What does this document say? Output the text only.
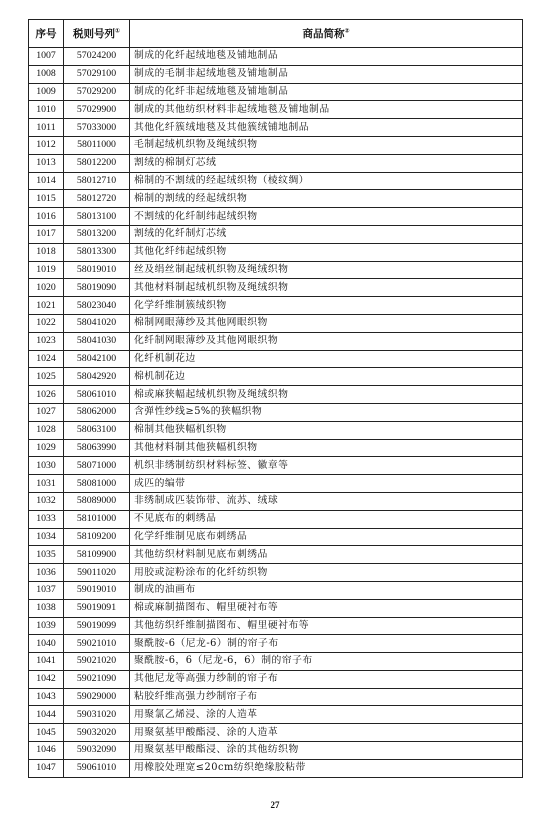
序号	税则号列①	商品简称②
1007	57024200	制成的化纤起绒地毯及铺地制品
1008	57029100	制成的毛制非起绒地毯及铺地制品
1009	57029200	制成的化纤非起绒地毯及铺地制品
1010	57029900	制成的其他纺织材料非起绒地毯及铺地制品
1011	57033000	其他化纤簇绒地毯及其他簇绒铺地制品
1012	58011000	毛制起绒机织物及绳绒织物
1013	58012200	割绒的棉制灯芯绒
1014	58012710	棉制的不割绒的经起绒织物（棱纹绸）
1015	58012720	棉制的割绒的经起绒织物
1016	58013100	不割绒的化纤制纬起绒织物
1017	58013200	割绒的化纤制灯芯绒
1018	58013300	其他化纤纬起绒织物
1019	58019010	丝及绢丝制起绒机织物及绳绒织物
1020	58019090	其他材料制起绒机织物及绳绒织物
1021	58023040	化学纤维制簇绒织物
1022	58041020	棉制网眼薄纱及其他网眼织物
1023	58041030	化纤制网眼薄纱及其他网眼织物
1024	58042100	化纤机制花边
1025	58042920	棉机制花边
1026	58061010	棉或麻狭幅起绒机织物及绳绒织物
1027	58062000	含弹性纱线≥5%的狭幅织物
1028	58063100	棉制其他狭幅机织物
1029	58063990	其他材料制其他狭幅机织物
1030	58071000	机织非绣制纺织材料标签、徽章等
1031	58081000	成匹的编带
1032	58089000	非绣制成匹装饰带、流苏、绒球
1033	58101000	不见底布的刺绣品
1034	58109200	化学纤维制见底布刺绣品
1035	58109900	其他纺织材料制见底布刺绣品
1036	59011020	用胶或淀粉涂布的化纤纺织物
1037	59019010	制成的油画布
1038	59019091	棉或麻制描图布、帽里硬衬布等
1039	59019099	其他纺织纤维制描图布、帽里硬衬布等
1040	59021010	聚酰胺-6（尼龙-6）制的帘子布
1041	59021020	聚酰胺-6，6（尼龙-6，6）制的帘子布
1042	59021090	其他尼龙等高强力纱制的帘子布
1043	59029000	粘胶纤维高强力纱制帘子布
1044	59031020	用聚氯乙烯浸、涂的人造革
1045	59032020	用聚氨基甲酸酯浸、涂的人造革
1046	59032090	用聚氨基甲酸酯浸、涂的其他纺织物
1047	59061010	用橡胶处理宽≤20cm纺织绝缘胶粘带
27
